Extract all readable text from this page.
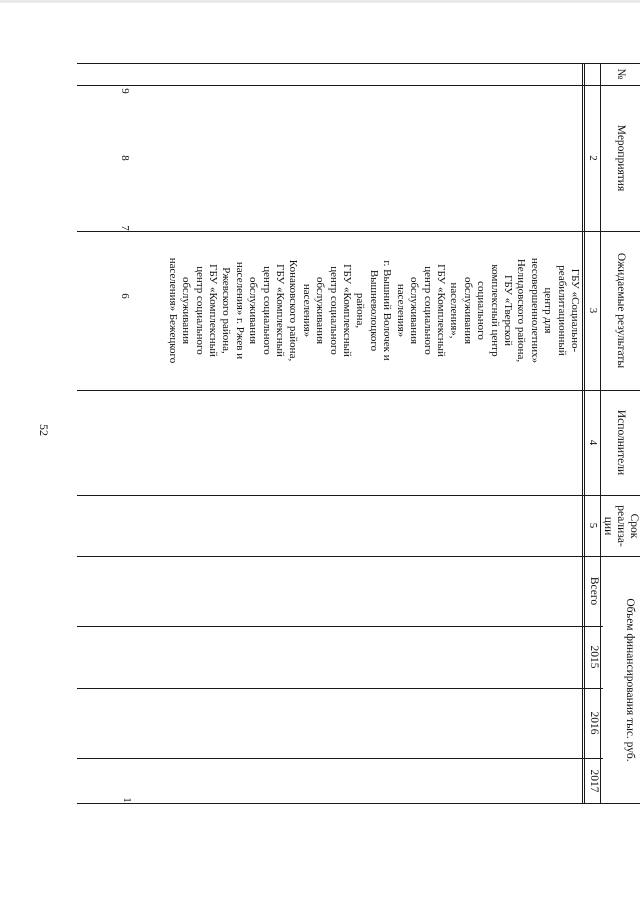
52
№
Мероприятия
Ожидаемые результаты
Исполнители
Срок реализа- ции
Объем финансирования тыс. руб.
Всего
2015
2016
2017
2
3
4
5
ГБУ «Социально-
реабилитационный
центр для
несовершеннолетних»
Нелидовского района,
ГБУ «Тверской
комплексный центр
социального
обслуживания
населения»,
ГБУ «Комплексный
центр социального
обслуживания
населения»
г. Вышний Волочек и
Вышневолоцкого
района,
ГБУ «Комплексный
центр социального
обслуживания
населения»
Конаковского района,
ГБУ «Комплексный
центр социального
обслуживания
населения» г. Ржев и
Ржевского района,
ГБУ «Комплексный
центр социального
обслуживания
населения» Бежецкого
1
6
7
8
9
